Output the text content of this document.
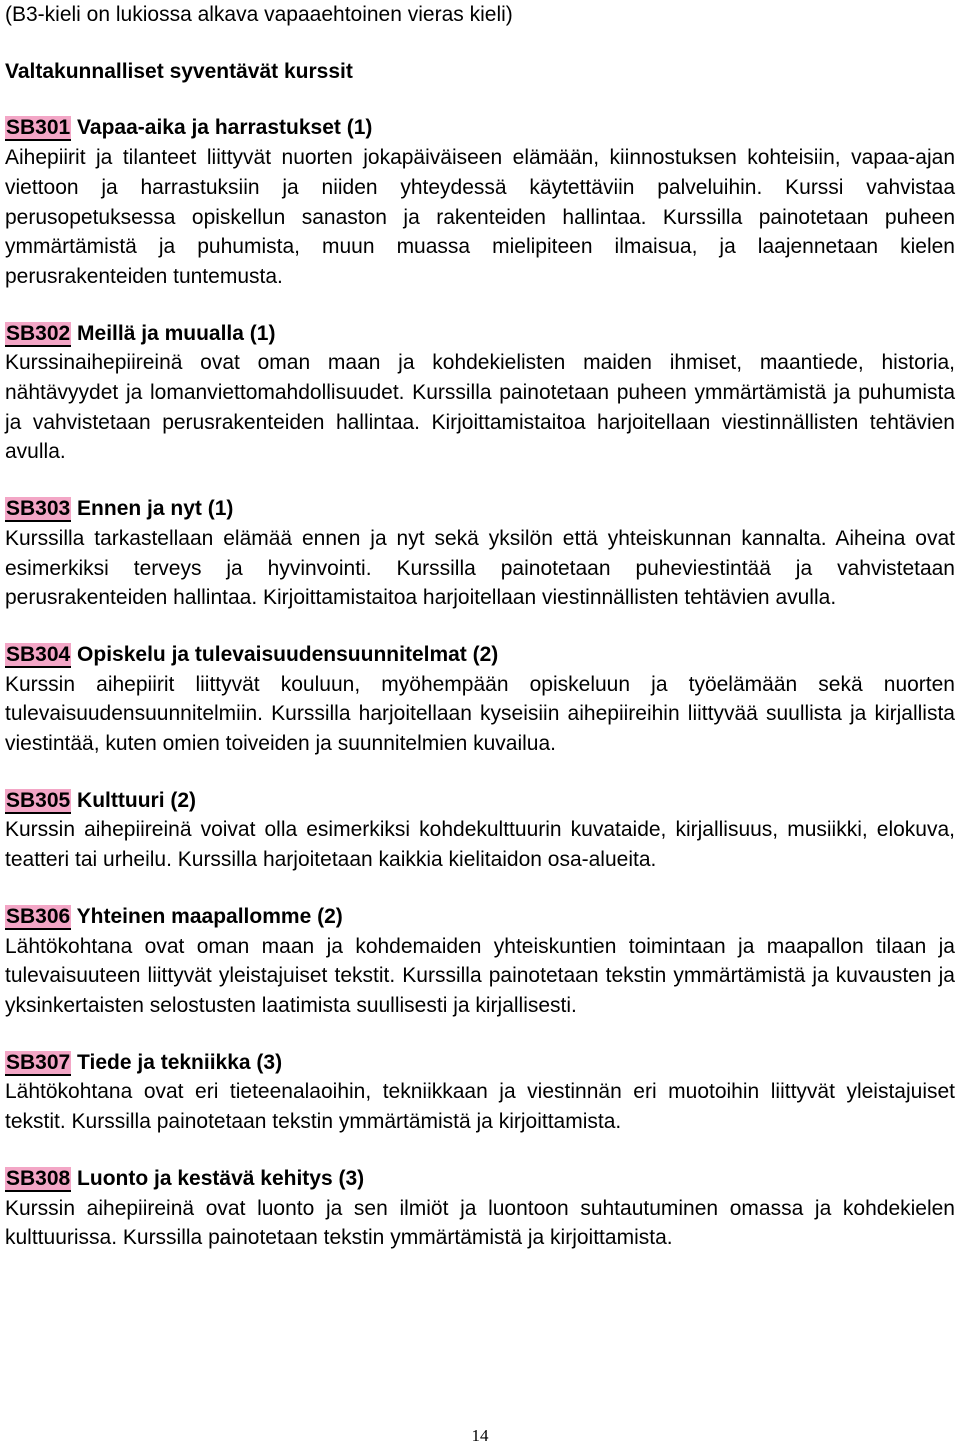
(B3-kieli on lukiossa alkava vapaaehtoinen vieras kieli)

Valtakunnalliset syventävät kurssit

SB301 Vapaa-aika ja harrastukset (1)

Aihepiirit ja tilanteet liittyvät nuorten jokapäiväiseen elämään, kiinnostuksen kohteisiin, vapaa-ajan viettoon ja harrastuksiin ja niiden yhteydessä käytettäviin palveluihin. Kurssi vahvistaa perusopetuksessa opiskellun sanaston ja rakenteiden hallintaa. Kurssilla painotetaan puheen ymmärtämistä ja puhumista, muun muassa mielipiteen ilmaisua, ja laajennetaan kielen perusrakenteiden tuntemusta.

SB302 Meillä ja muualla (1)

Kurssinaihepiireinä ovat oman maan ja kohdekielisten maiden ihmiset, maantiede, historia, nähtävyydet ja lomanviettomahdollisuudet. Kurssilla painotetaan puheen ymmärtämistä ja puhumista ja vahvistetaan perusrakenteiden hallintaa. Kirjoittamistaitoa harjoitellaan viestinnällisten tehtävien avulla.

SB303 Ennen ja nyt (1)

Kurssilla tarkastellaan elämää ennen ja nyt sekä yksilön että yhteiskunnan kannalta. Aiheina ovat esimerkiksi terveys ja hyvinvointi. Kurssilla painotetaan puheviestintää ja vahvistetaan perusrakenteiden hallintaa. Kirjoittamistaitoa harjoitellaan viestinnällisten tehtävien avulla.

SB304 Opiskelu ja tulevaisuudensuunnitelmat (2)

Kurssin aihepiirit liittyvät kouluun, myöhempään opiskeluun ja työelämään sekä nuorten tulevaisuudensuunnitelmiin. Kurssilla harjoitellaan kyseisiin aihepiireihin liittyvää suullista ja kirjallista viestintää, kuten omien toiveiden ja suunnitelmien kuvailua.

SB305 Kulttuuri (2)

Kurssin aihepiireinä voivat olla esimerkiksi kohdekulttuurin kuvataide, kirjallisuus, musiikki, elokuva, teatteri tai urheilu. Kurssilla harjoitetaan kaikkia kielitaidon osa-alueita.

SB306 Yhteinen maapallomme (2)

Lähtökohtana ovat oman maan ja kohdemaiden yhteiskuntien toimintaan ja maapallon tilaan ja tulevaisuuteen liittyvät yleistajuiset tekstit. Kurssilla painotetaan tekstin ymmärtämistä ja kuvausten ja yksinkertaisten selostusten laatimista suullisesti ja kirjallisesti.

SB307 Tiede ja tekniikka (3)

Lähtökohtana ovat eri tieteenalaoihin, tekniikkaan ja viestinnän eri muotoihin liittyvät yleistajuiset tekstit. Kurssilla painotetaan tekstin ymmärtämistä ja kirjoittamista.

SB308 Luonto ja kestävä kehitys (3)

Kurssin aihepiireinä ovat luonto ja sen ilmiöt ja luontoon suhtautuminen omassa ja kohdekielen kulttuurissa. Kurssilla painotetaan tekstin ymmärtämistä ja kirjoittamista.

14
